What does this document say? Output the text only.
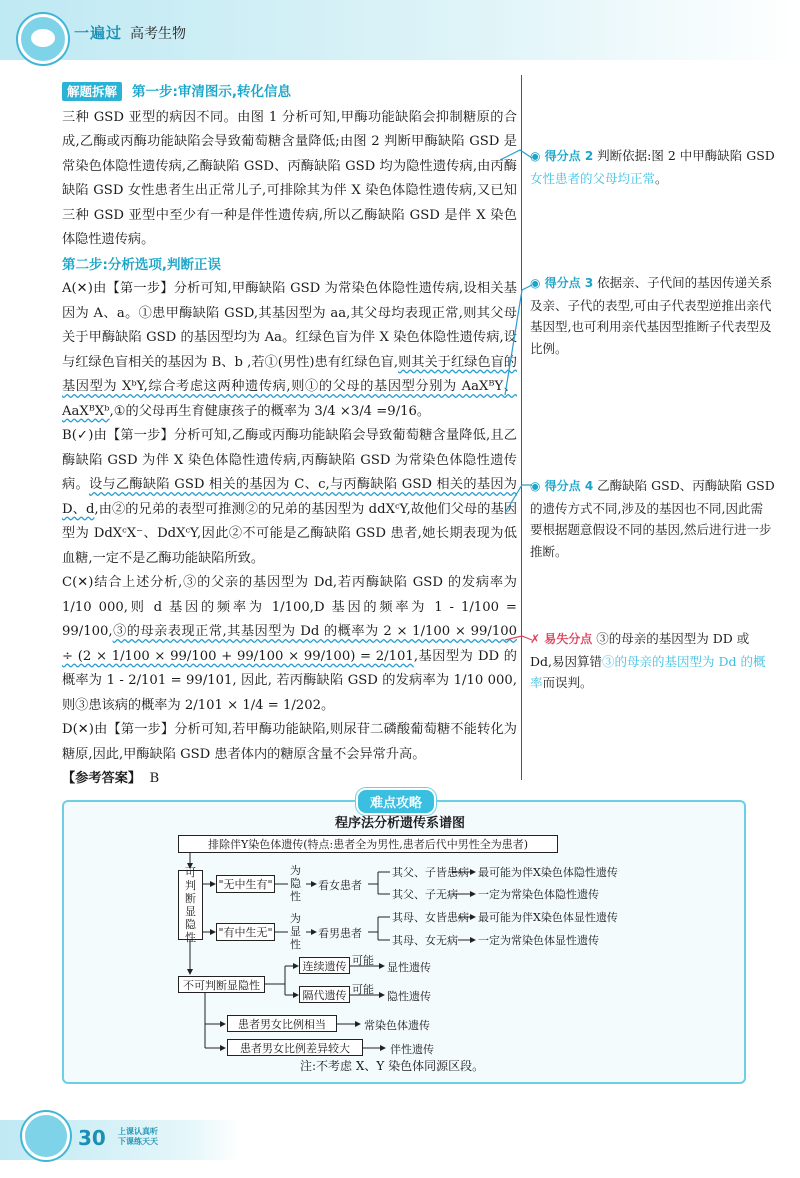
一遍过 高考生物

解题拆解 第一步:审清图示,转化信息

三种 GSD 亚型的病因不同。由图 1 分析可知,甲酶功能缺陷会抑制糖原的合成,乙酶或丙酶功能缺陷会导致葡萄糖含量降低;由图 2 判断甲酶缺陷 GSD 是常染色体隐性遗传病,乙酶缺陷 GSD、丙酶缺陷 GSD 均为隐性遗传病,由丙酶缺陷 GSD 女性患者生出正常儿子,可排除其为伴 X 染色体隐性遗传病,又已知三种 GSD 亚型中至少有一种是伴性遗传病,所以乙酶缺陷 GSD 是伴 X 染色体隐性遗传病。

第二步:分析选项,判断正误

A(✕)由【第一步】分析可知,甲酶缺陷 GSD 为常染色体隐性遗传病,设相关基因为 A、a。①患甲酶缺陷 GSD,其基因型为 aa,其父母均表现正常,则其父母关于甲酶缺陷 GSD 的基因型均为 Aa。红绿色盲为伴 X 染色体隐性遗传病,设与红绿色盲相关的基因为 B、b ,若①(男性)患有红绿色盲,则其关于红绿色盲的基因型为 XᵇY,综合考虑这两种遗传病,则①的父母的基因型分别为 AaXᴮY、AaXᴮXᵇ,①的父母再生育健康孩子的概率为 3/4 ×3/4 =9/16。

B(✓)由【第一步】分析可知,乙酶或丙酶功能缺陷会导致葡萄糖含量降低,且乙酶缺陷 GSD 为伴 X 染色体隐性遗传病,丙酶缺陷 GSD 为常染色体隐性遗传病。设与乙酶缺陷 GSD 相关的基因为 C、c,与丙酶缺陷 GSD 相关的基因为 D、d,由②的兄弟的表型可推测②的兄弟的基因型为 ddXᶜY,故他们父母的基因型为 DdXᶜX⁻、DdXᶜY,因此②不可能是乙酶缺陷 GSD 患者,她长期表现为低血糖,一定不是乙酶功能缺陷所致。

C(✕)结合上述分析,③的父亲的基因型为 Dd,若丙酶缺陷 GSD 的发病率为 1/10 000,则 d 基因的频率为 1/100,D 基因的频率为 1 - 1/100 = 99/100,③的母亲表现正常,其基因型为 Dd 的概率为 2 × 1/100 × 99/100 ÷ (2 × 1/100 × 99/100 + 99/100 × 99/100) = 2/101,基因型为 DD 的概率为 1 - 2/101 = 99/101, 因此, 若丙酶缺陷 GSD 的发病率为 1/10 000,则③患该病的概率为 2/101 × 1/4 = 1/202。

D(✕)由【第一步】分析可知,若甲酶功能缺陷,则尿苷二磷酸葡萄糖不能转化为糖原,因此,甲酶缺陷 GSD 患者体内的糖原含量不会异常升高。

【参考答案】 B

◉ 得分点 2 判断依据:图 2 中甲酶缺陷 GSD 女性患者的父母均正常。
◉ 得分点 3 依据亲、子代间的基因传递关系及亲、子代的表型,可由子代表型逆推出亲代基因型,也可利用亲代基因型推断子代表型及比例。
◉ 得分点 4 乙酶缺陷 GSD、丙酶缺陷 GSD 的遗传方式不同,涉及的基因也不同,因此需要根据题意假设不同的基因,然后进行进一步推断。
✗ 易失分点 ③的母亲的基因型为 DD 或 Dd,易因算错③的母亲的基因型为 Dd 的概率而误判。
难点攻略
程序法分析遗传系谱图
排除伴Y染色体遗传(特点:患者全为男性,患者后代中男性全为患者)
可判断显隐性
"无中生有"
"有中生无"
为隐性
为显性
看女患者
看男患者
其父、子皆患病
其父、子无病
其母、女皆患病
其母、女无病
最可能为伴X染色体隐性遗传
一定为常染色体隐性遗传
最可能为伴X染色体显性遗传
一定为常染色体显性遗传
不可判断显隐性
连续遗传
隔代遗传
可能
可能
显性遗传
隐性遗传
患者男女比例相当
患者男女比例差异较大
常染色体遗传
伴性遗传
注:不考虑 X、Y 染色体同源区段。
30 上课认真听
下课练天天
